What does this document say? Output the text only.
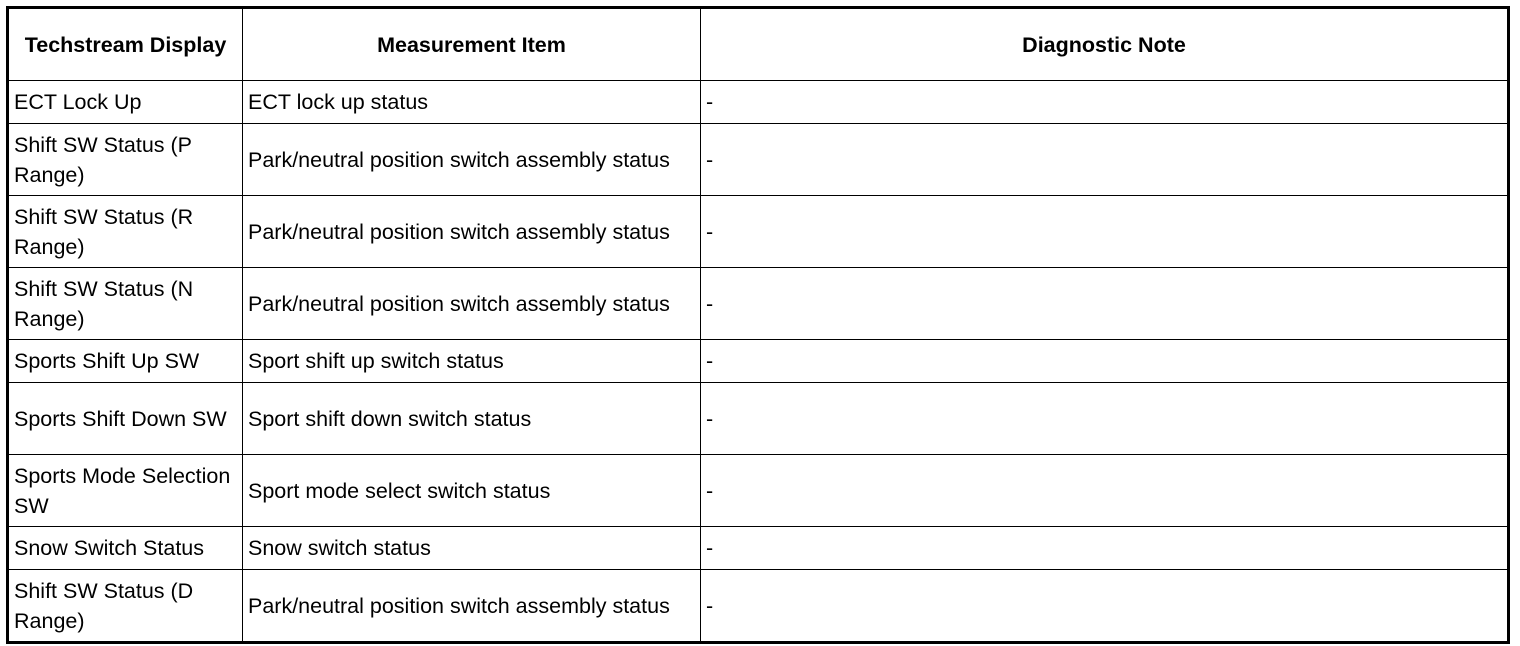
Techstream Display	Measurement Item	Diagnostic Note
ECT Lock Up	ECT lock up status	-
Shift SW Status (P Range)	Park/neutral position switch assembly status	-
Shift SW Status (R Range)	Park/neutral position switch assembly status	-
Shift SW Status (N Range)	Park/neutral position switch assembly status	-
Sports Shift Up SW	Sport shift up switch status	-
Sports Shift Down SW	Sport shift down switch status	-
Sports Mode Selection SW	Sport mode select switch status	-
Snow Switch Status	Snow switch status	-
Shift SW Status (D Range)	Park/neutral position switch assembly status	-
